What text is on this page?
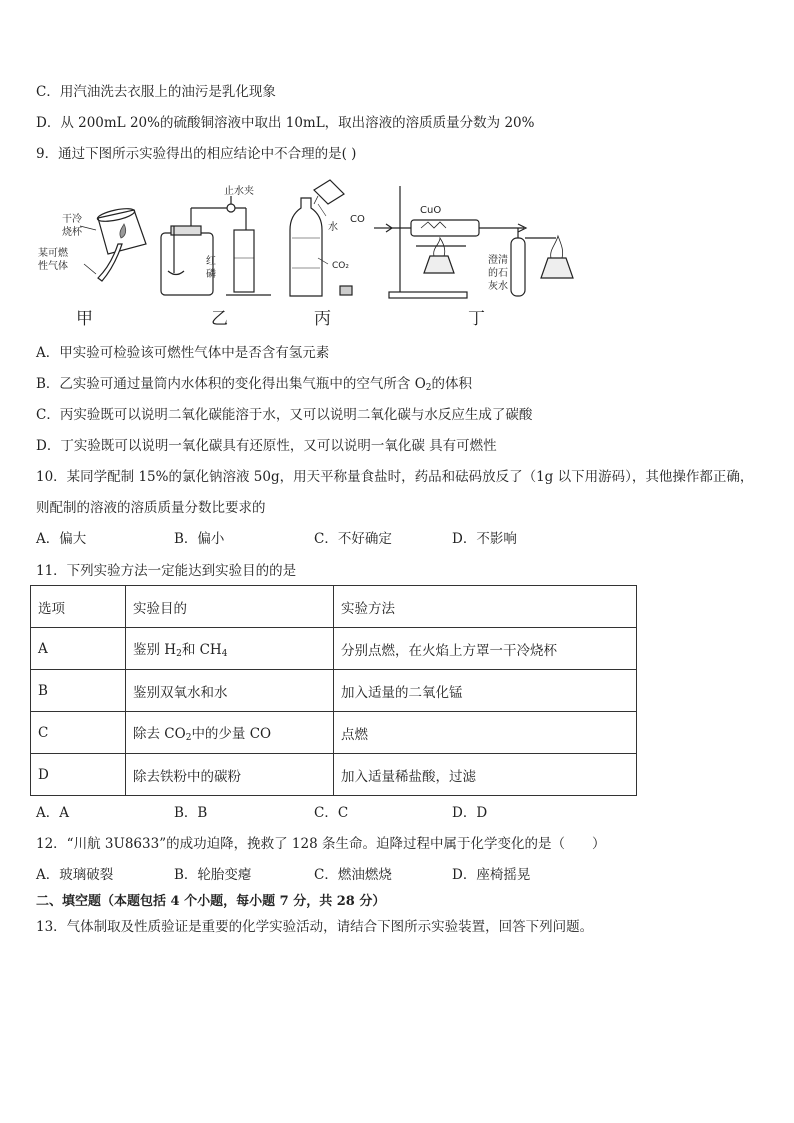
C．用汽油洗去衣服上的油污是乳化现象
D．从 200mL 20%的硫酸铜溶液中取出 10mL，取出溶液的溶质质量分数为 20%
9．通过下图所示实验得出的相应结论中不合理的是( )
干冷
烧杯
某可燃
性气体
甲
止水夹
红
磷
乙
水
CO₂
丙
CO
CuO
澄清
的石
灰水
丁
A．甲实验可检验该可燃性气体中是否含有氢元素
B．乙实验可通过量筒内水体积的变化得出集气瓶中的空气所含 $O_2$的体积
C．丙实验既可以说明二氧化碳能溶于水，又可以说明二氧化碳与水反应生成了碳酸
D．丁实验既可以说明一氧化碳具有还原性，又可以说明一氧化碳 具有可燃性
10．某同学配制 15%的氯化钠溶液 50g，用天平称量食盐时，药品和砝码放反了（1g 以下用游码），其他操作都正确，
则配制的溶液的溶质质量分数比要求的
A．偏大	B．偏小	C．不好确定	D．不影响
11．下列实验方法一定能达到实验目的的是
选项	实验目的	实验方法
A	鉴别 $H_2$和 $CH_4$	分别点燃，在火焰上方罩一干冷烧杯
B	鉴别双氧水和水	加入适量的二氧化锰
C	除去 $CO_2$中的少量 CO	点燃
D	除去铁粉中的碳粉	加入适量稀盐酸，过滤
A．A	B．B	C．C	D．D
12．“川航 3U8633”的成功迫降，挽救了 128 条生命。迫降过程中属于化学变化的是（　　）
A．玻璃破裂	B．轮胎变瘪	C．燃油燃烧	D．座椅摇晃
二、填空题（本题包括 4 个小题，每小题 7 分，共 28 分）
13．气体制取及性质验证是重要的化学实验活动，请结合下图所示实验装置，回答下列问题。
